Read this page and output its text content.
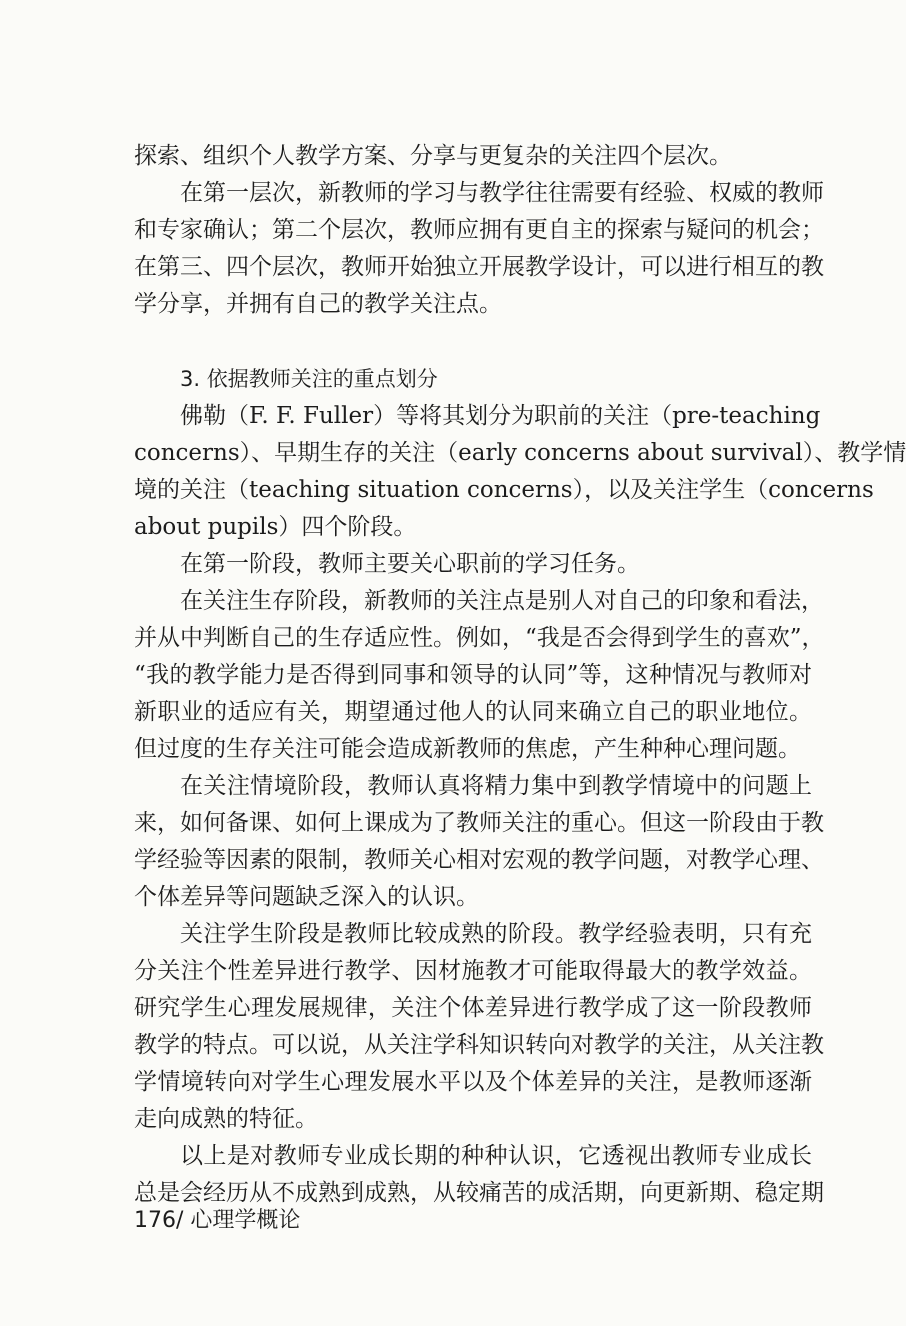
探索、组织个人教学方案、分享与更复杂的关注四个层次。

在第一层次，新教师的学习与教学往往需要有经验、权威的教师

和专家确认；第二个层次，教师应拥有更自主的探索与疑问的机会；

在第三、四个层次，教师开始独立开展教学设计，可以进行相互的教

学分享，并拥有自己的教学关注点。

3. 依据教师关注的重点划分

佛勒（F. F. Fuller）等将其划分为职前的关注（pre-teaching

concerns）、早期生存的关注（early concerns about survival）、教学情

境的关注（teaching situation concerns），以及关注学生（concerns

about pupils）四个阶段。

在第一阶段，教师主要关心职前的学习任务。

在关注生存阶段，新教师的关注点是别人对自己的印象和看法，

并从中判断自己的生存适应性。例如，“我是否会得到学生的喜欢”，

“我的教学能力是否得到同事和领导的认同”等，这种情况与教师对

新职业的适应有关，期望通过他人的认同来确立自己的职业地位。

但过度的生存关注可能会造成新教师的焦虑，产生种种心理问题。

在关注情境阶段，教师认真将精力集中到教学情境中的问题上

来，如何备课、如何上课成为了教师关注的重心。但这一阶段由于教

学经验等因素的限制，教师关心相对宏观的教学问题，对教学心理、

个体差异等问题缺乏深入的认识。

关注学生阶段是教师比较成熟的阶段。教学经验表明，只有充

分关注个性差异进行教学、因材施教才可能取得最大的教学效益。

研究学生心理发展规律，关注个体差异进行教学成了这一阶段教师

教学的特点。可以说，从关注学科知识转向对教学的关注，从关注教

学情境转向对学生心理发展水平以及个体差异的关注，是教师逐渐

走向成熟的特征。

以上是对教师专业成长期的种种认识，它透视出教师专业成长

总是会经历从不成熟到成熟，从较痛苦的成活期，向更新期、稳定期

176/ 心理学概论
